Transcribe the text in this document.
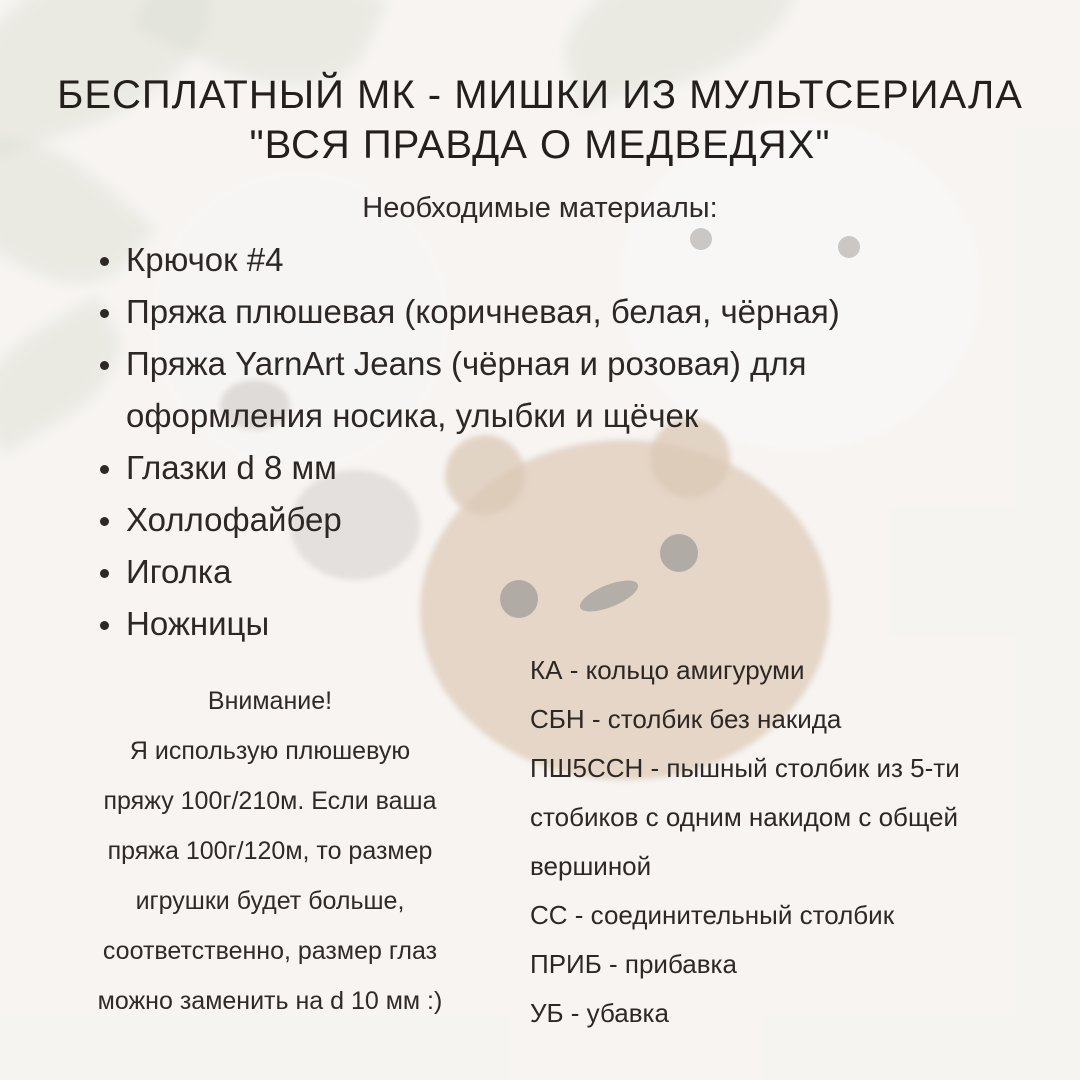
БЕСПЛАТНЫЙ МК - МИШКИ ИЗ МУЛЬТСЕРИАЛА
"ВСЯ ПРАВДА О МЕДВЕДЯХ"
Необходимые материалы:
Крючок #4
Пряжа плюшевая (коричневая, белая, чёрная)
Пряжа YarnArt Jeans (чёрная и розовая) для оформления носика, улыбки и щёчек
Глазки d 8 мм
Холлофайбер
Иголка
Ножницы
Внимание!
Я использую плюшевую
пряжу 100г/210м. Если ваша
пряжа 100г/120м, то размер
игрушки будет больше,
соответственно, размер глаз
можно заменить на d 10 мм :)
КА - кольцо амигуруми
СБН - столбик без накида
ПШ5ССН - пышный столбик из 5-ти стобиков с одним накидом с общей вершиной
СС - соединительный столбик
ПРИБ - прибавка
УБ - убавка
